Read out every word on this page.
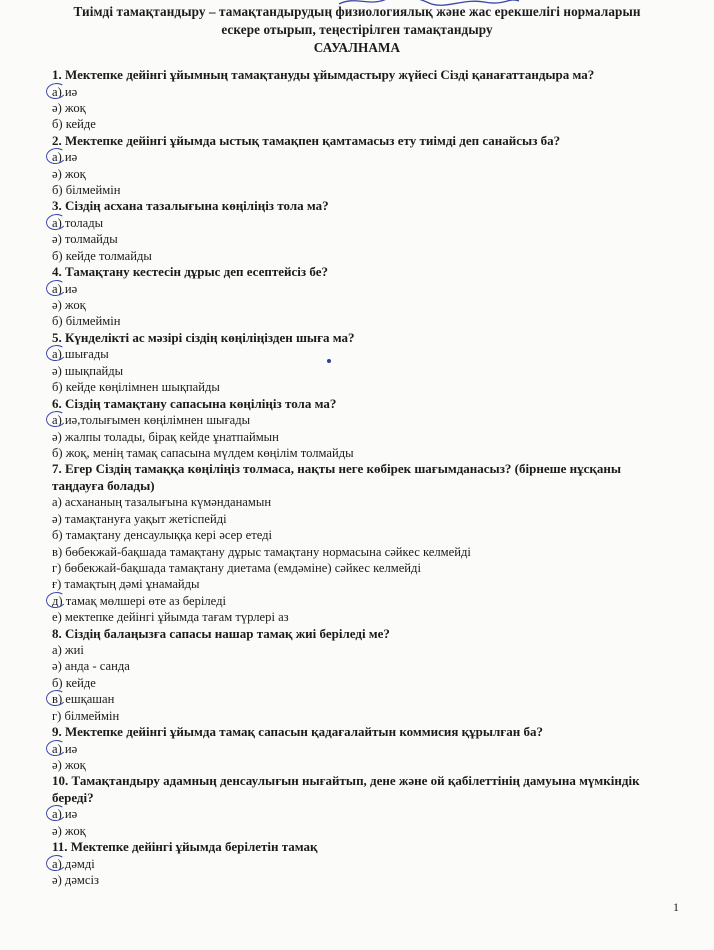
Тиімді тамақтандыру – тамақтандырудың физиологиялық және жас ерекшелігі нормаларын
ескере отырып, теңестірілген тамақтандыру
САУАЛНАМА

1. Мектепке дейінгі ұйымның тамақтануды ұйымдастыру жүйесі Сізді қанағаттандыра ма?

а) иә

ә) жоқ

б) кейде

2. Мектепке дейінгі ұйымда ыстық тамақпен қамтамасыз ету тиімді деп санайсыз ба?

а) иә

ә) жоқ

б) білмеймін

3. Сіздің асхана тазалығына көңіліңіз тола ма?

а) толады

ә) толмайды

б) кейде толмайды

4. Тамақтану кестесін дұрыс деп есептейсіз бе?

а) иә

ә) жоқ

б) білмеймін

5. Күнделікті ас мәзірі сіздің көңіліңізден шыға ма?

а) шығады

ә) шықпайды

б) кейде көңілімнен шықпайды

6. Сіздің тамақтану сапасына көңіліңіз тола ма?

а) иә,толығымен көңілімнен шығады

ә) жалпы толады, бірақ кейде ұнатпаймын

б) жоқ, менің тамақ сапасына мүлдем көңілім толмайды

7. Егер Сіздің тамаққа көңіліңіз толмаса, нақты неге көбірек шағымданасыз? (бірнеше нұсқаны таңдауға болады)

а) асхананың тазалығына күмәнданамын

ә) тамақтануға уақыт жетіспейді

б) тамақтану денсаулыққа кері әсер етеді

в) бөбекжай-бақшада тамақтану дұрыс тамақтану нормасына сәйкес келмейді

г) бөбекжай-бақшада тамақтану диетама (емдәміне) сәйкес келмейді

ғ) тамақтың дәмі ұнамайды

д) тамақ мөлшері өте аз беріледі

е) мектепке дейінгі ұйымда тағам түрлері аз

8. Сіздің балаңызға сапасы нашар тамақ жиі беріледі ме?

а) жиі

ә) анда - санда

б) кейде

в) ешқашан

г) білмеймін

9. Мектепке дейінгі ұйымда тамақ сапасын қадағалайтын коммисия құрылған ба?

а) иә

ә) жоқ

10. Тамақтандыру адамның денсаулығын нығайтып, дене және ой қабілеттінің дамуына мүмкіндік береді?

а) иә

ә) жоқ

11. Мектепке дейінгі ұйымда берілетін тамақ

а) дәмді

ә) дәмсіз

1
